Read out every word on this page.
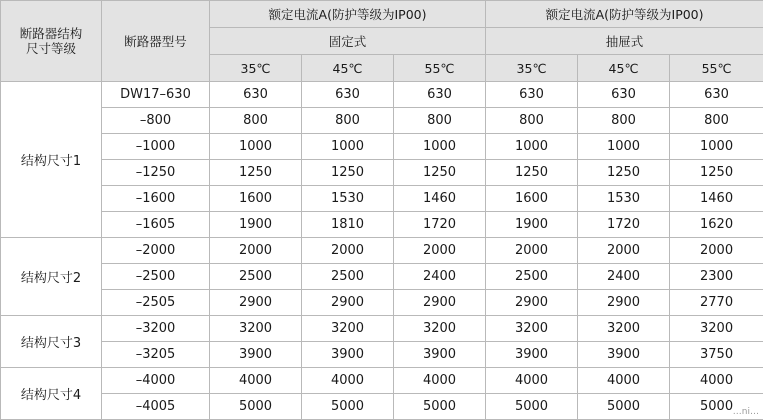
断路器结构
尺寸等级	断路器型号	额定电流A(防护等级为IP00)			额定电流A(防护等级为IP00)		
		固定式			抽屉式		
		35℃	45℃	55℃	35℃	45℃	55℃
结构尺寸1	DW17–630	630	630	630	630	630	630
	–800	800	800	800	800	800	800
	–1000	1000	1000	1000	1000	1000	1000
	–1250	1250	1250	1250	1250	1250	1250
	–1600	1600	1530	1460	1600	1530	1460
	–1605	1900	1810	1720	1900	1720	1620
结构尺寸2	–2000	2000	2000	2000	2000	2000	2000
	–2500	2500	2500	2400	2500	2400	2300
	–2505	2900	2900	2900	2900	2900	2770
结构尺寸3	–3200	3200	3200	3200	3200	3200	3200
	–3205	3900	3900	3900	3900	3900	3750
结构尺寸4	–4000	4000	4000	4000	4000	4000	4000
	–4005	5000	5000	5000	5000	5000	5000 …ni…
